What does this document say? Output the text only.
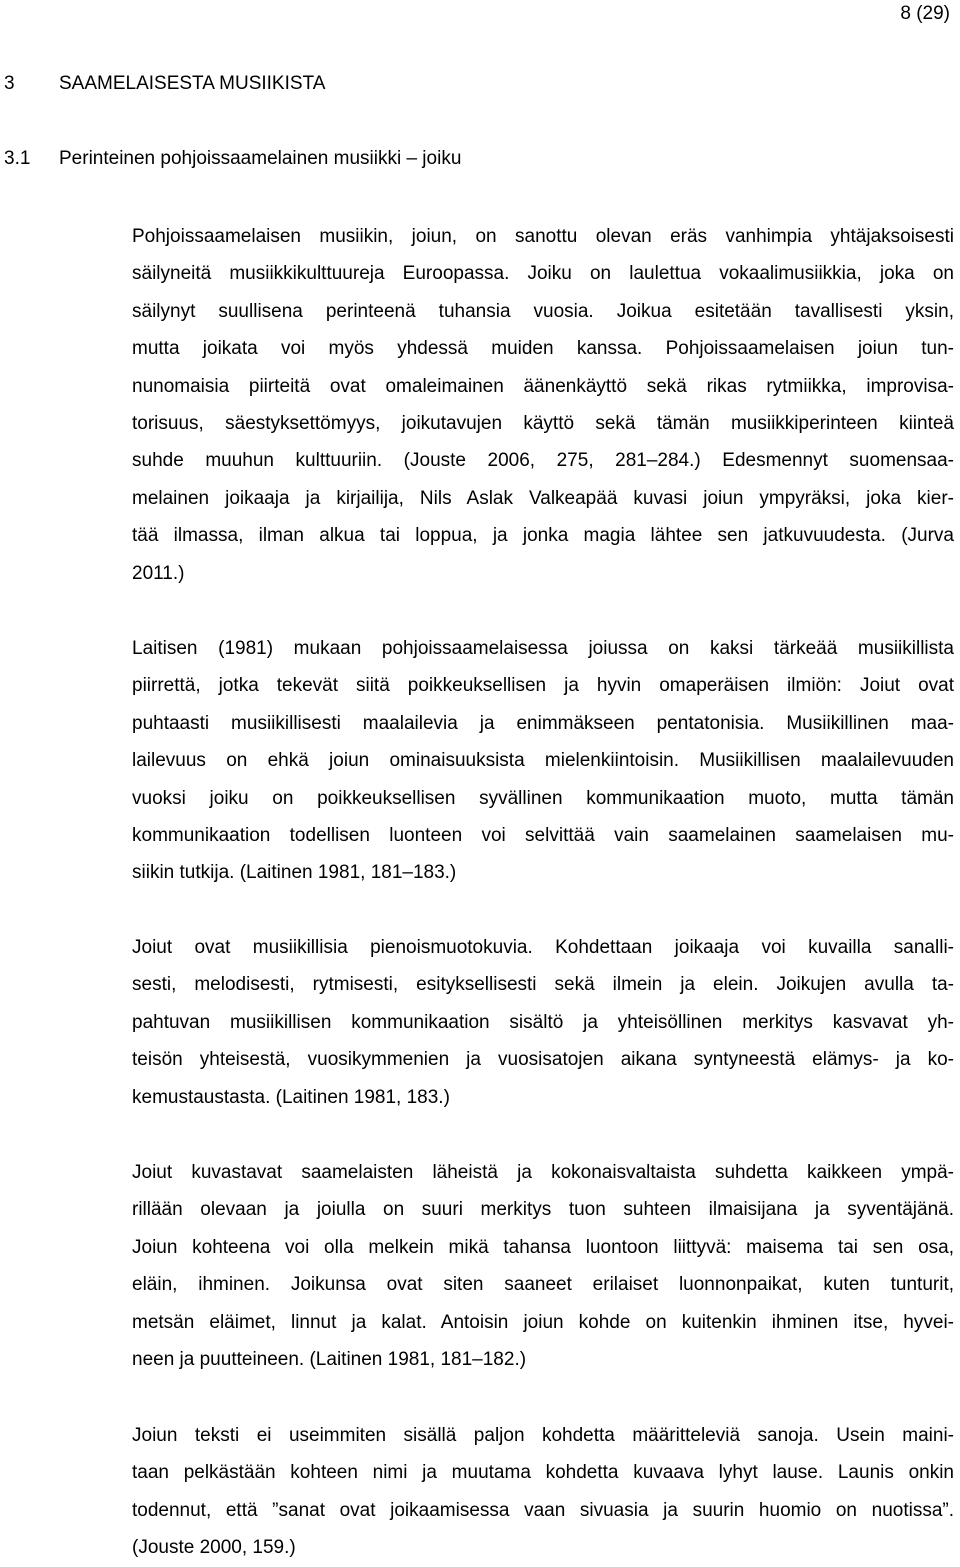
8 (29)
3 SAAMELAISESTA MUSIIKISTA
3.1 Perinteinen pohjoissaamelainen musiikki – joiku
Pohjoissaamelaisen musiikin, joiun, on sanottu olevan eräs vanhimpia yhtäjaksoisesti
säilyneitä musiikkikulttuureja Euroopassa. Joiku on laulettua vokaalimusiikkia, joka on
säilynyt suullisena perinteenä tuhansia vuosia. Joikua esitetään tavallisesti yksin,
mutta joikata voi myös yhdessä muiden kanssa. Pohjoissaamelaisen joiun tun-
nunomaisia piirteitä ovat omaleimainen äänenkäyttö sekä rikas rytmiikka, improvisa-
torisuus, säestyksettömyys, joikutavujen käyttö sekä tämän musiikkiperinteen kiinteä
suhde muuhun kulttuuriin. (Jouste 2006, 275, 281–284.) Edesmennyt suomensaa-
melainen joikaaja ja kirjailija, Nils Aslak Valkeapää kuvasi joiun ympyräksi, joka kier-
tää ilmassa, ilman alkua tai loppua, ja jonka magia lähtee sen jatkuvuudesta. (Jurva
2011.)
Laitisen (1981) mukaan pohjoissaamelaisessa joiussa on kaksi tärkeää musiikillista
piirrettä, jotka tekevät siitä poikkeuksellisen ja hyvin omaperäisen ilmiön: Joiut ovat
puhtaasti musiikillisesti maalailevia ja enimmäkseen pentatonisia. Musiikillinen maa-
lailevuus on ehkä joiun ominaisuuksista mielenkiintoisin. Musiikillisen maalailevuuden
vuoksi joiku on poikkeuksellisen syvällinen kommunikaation muoto, mutta tämän
kommunikaation todellisen luonteen voi selvittää vain saamelainen saamelaisen mu-
siikin tutkija. (Laitinen 1981, 181–183.)
Joiut ovat musiikillisia pienoismuotokuvia. Kohdettaan joikaaja voi kuvailla sanalli-
sesti, melodisesti, rytmisesti, esityksellisesti sekä ilmein ja elein. Joikujen avulla ta-
pahtuvan musiikillisen kommunikaation sisältö ja yhteisöllinen merkitys kasvavat yh-
teisön yhteisestä, vuosikymmenien ja vuosisatojen aikana syntyneestä elämys- ja ko-
kemustaustasta. (Laitinen 1981, 183.)
Joiut kuvastavat saamelaisten läheistä ja kokonaisvaltaista suhdetta kaikkeen ympä-
rillään olevaan ja joiulla on suuri merkitys tuon suhteen ilmaisijana ja syventäjänä.
Joiun kohteena voi olla melkein mikä tahansa luontoon liittyvä: maisema tai sen osa,
eläin, ihminen. Joikunsa ovat siten saaneet erilaiset luonnonpaikat, kuten tunturit,
metsän eläimet, linnut ja kalat. Antoisin joiun kohde on kuitenkin ihminen itse, hyvei-
neen ja puutteineen. (Laitinen 1981, 181–182.)
Joiun teksti ei useimmiten sisällä paljon kohdetta määritteleviä sanoja. Usein maini-
taan pelkästään kohteen nimi ja muutama kohdetta kuvaava lyhyt lause. Launis onkin
todennut, että ”sanat ovat joikaamisessa vaan sivuasia ja suurin huomio on nuotissa”.
(Jouste 2000, 159.)
